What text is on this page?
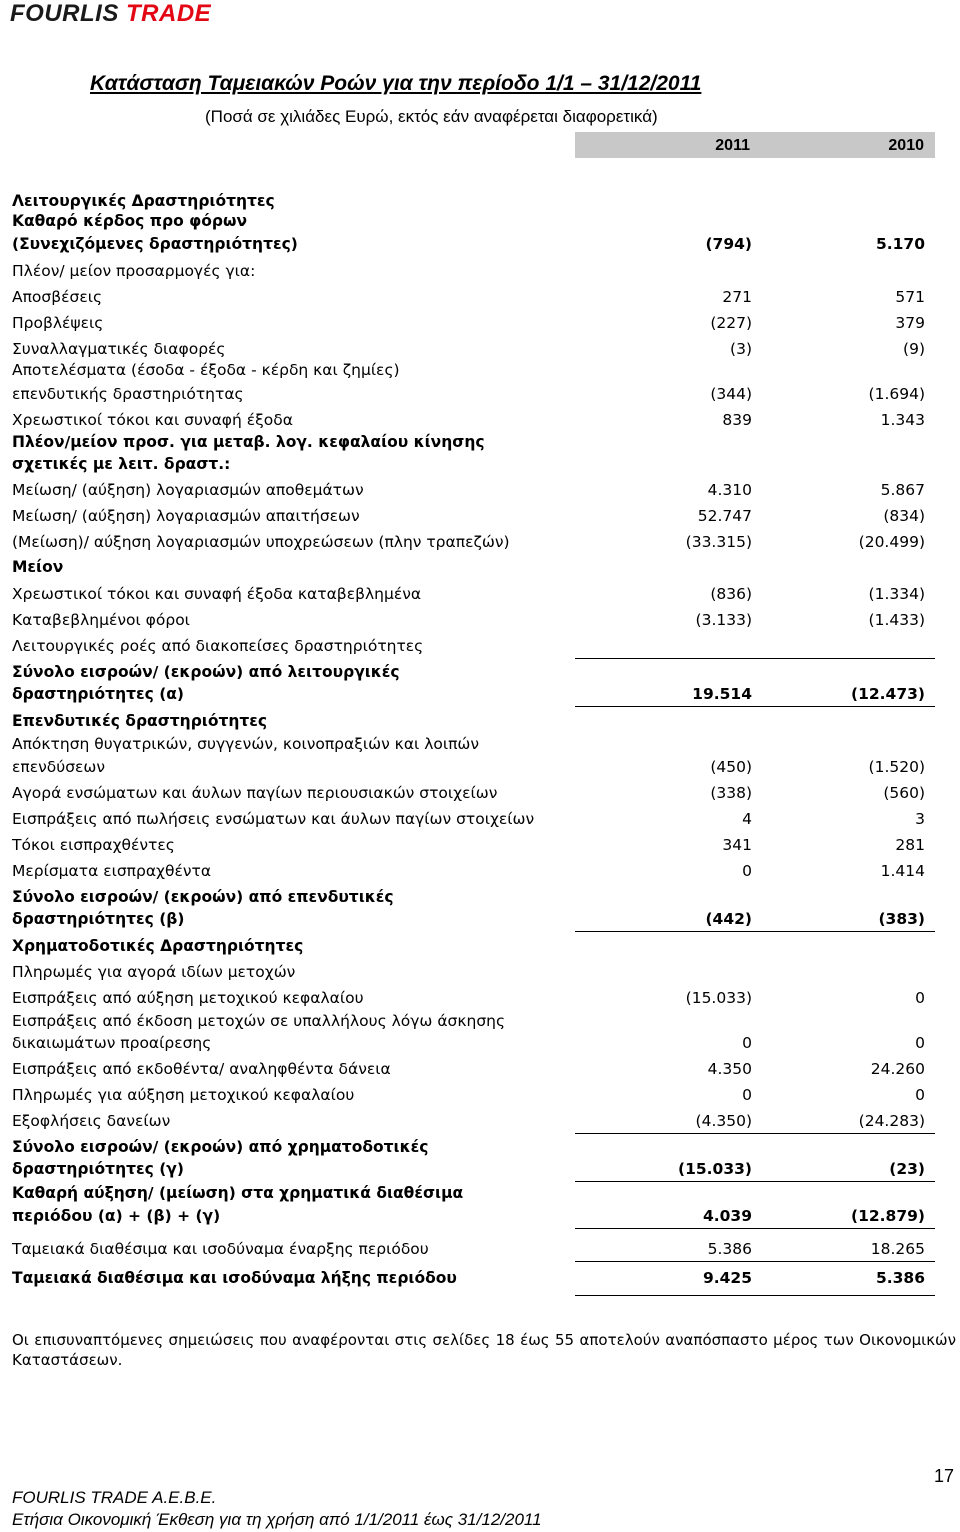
FOURLIS TRADE
Κατάσταση Ταμειακών Ροών για την περίοδο 1/1 – 31/12/2011
(Ποσά σε χιλιάδες Ευρώ, εκτός εάν αναφέρεται διαφορετικά)
2011	2010
Λειτουργικές Δραστηριότητες
Καθαρό κέρδος προ φόρων
(Συνεχιζόμενες δραστηριότητες)	(794)	5.170
Πλέον/ μείον προσαρμογές για:
Αποσβέσεις	271	571
Προβλέψεις	(227)	379
Συναλλαγματικές διαφορές	(3)	(9)
Αποτελέσματα (έσοδα - έξοδα - κέρδη και ζημίες)
επενδυτικής δραστηριότητας	(344)	(1.694)
Χρεωστικοί τόκοι και συναφή έξοδα	839	1.343
Πλέον/μείον προσ. για μεταβ. λογ. κεφαλαίου κίνησης
σχετικές με λειτ. δραστ.:
Μείωση/ (αύξηση) λογαριασμών αποθεμάτων	4.310	5.867
Μείωση/ (αύξηση) λογαριασμών απαιτήσεων	52.747	(834)
(Μείωση)/ αύξηση λογαριασμών υποχρεώσεων (πλην τραπεζών)	(33.315)	(20.499)
Μείον
Χρεωστικοί τόκοι και συναφή έξοδα καταβεβλημένα	(836)	(1.334)
Καταβεβλημένοι φόροι	(3.133)	(1.433)
Λειτουργικές ροές από διακοπείσες δραστηριότητες
Σύνολο εισροών/ (εκροών) από λειτουργικές
δραστηριότητες (α)	19.514	(12.473)
Επενδυτικές δραστηριότητες
Απόκτηση θυγατρικών, συγγενών, κοινοπραξιών και λοιπών
επενδύσεων	(450)	(1.520)
Αγορά ενσώματων και άυλων παγίων περιουσιακών στοιχείων	(338)	(560)
Εισπράξεις από πωλήσεις ενσώματων και άυλων παγίων στοιχείων	4	3
Τόκοι εισπραχθέντες	341	281
Μερίσματα εισπραχθέντα	0	1.414
Σύνολο εισροών/ (εκροών) από επενδυτικές
δραστηριότητες (β)	(442)	(383)
Χρηματοδοτικές Δραστηριότητες
Πληρωμές για αγορά ιδίων μετοχών
Εισπράξεις από αύξηση μετοχικού κεφαλαίου	(15.033)	0
Εισπράξεις από έκδοση μετοχών σε υπαλλήλους λόγω άσκησης
δικαιωμάτων προαίρεσης	0	0
Εισπράξεις από εκδοθέντα/ αναληφθέντα δάνεια	4.350	24.260
Πληρωμές για αύξηση μετοχικού κεφαλαίου	0	0
Εξοφλήσεις δανείων	(4.350)	(24.283)
Σύνολο εισροών/ (εκροών) από χρηματοδοτικές
δραστηριότητες (γ)	(15.033)	(23)
Καθαρή αύξηση/ (μείωση) στα χρηματικά διαθέσιμα
περιόδου (α) + (β) + (γ)	4.039	(12.879)
Ταμειακά διαθέσιμα και ισοδύναμα έναρξης περιόδου	5.386	18.265
Ταμειακά διαθέσιμα και ισοδύναμα λήξης περιόδου	9.425	5.386
Οι επισυναπτόμενες σημειώσεις που αναφέρονται στις σελίδες 18 έως 55 αποτελούν αναπόσπαστο μέρος των Οικονομικών Καταστάσεων.
FOURLIS TRADE A.E.B.E.
Ετήσια Οικονομική Έκθεση για τη χρήση από 1/1/2011 έως 31/12/2011
17
